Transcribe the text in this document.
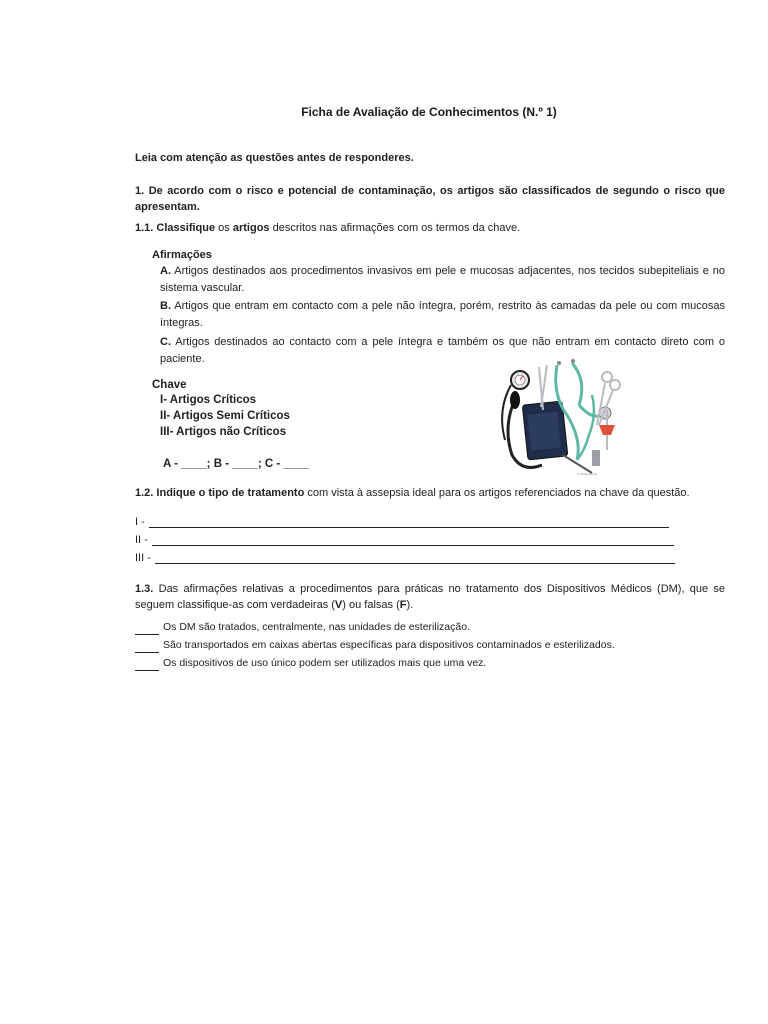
Ficha de Avaliação de Conhecimentos (N.º 1)
Leia com atenção as questões antes de responderes.
1. De acordo com o risco e potencial de contaminação, os artigos são classificados de segundo o risco que apresentam.
1.1. Classifique os artigos descritos nas afirmações com os termos da chave.
Afirmações
A. Artigos destinados aos procedimentos invasivos em pele e mucosas adjacentes, nos tecidos subepiteliais e no sistema vascular.
B. Artigos que entram em contacto com a pele não íntegra, porém, restrito às camadas da pele ou com mucosas íntegras.
C. Artigos destinados ao contacto com a pele íntegra e também os que não entram em contacto direto com o paciente.
Chave
I- Artigos Críticos
II- Artigos Semi Críticos
III- Artigos não Críticos
A - ____; B - ____; C - ____
© Shutterstock
1.2. Indique o tipo de tratamento com vista à assepsia ideal para os artigos referenciados na chave da questão.
I -
II -
III -
1.3. Das afirmações relativas a procedimentos para práticas no tratamento dos Dispositivos Médicos (DM), que se seguem classifique-as com verdadeiras (V) ou falsas (F).
Os DM são tratados, centralmente, nas unidades de esterilização.
São transportados em caixas abertas específicas para dispositivos contaminados e esterilizados.
Os dispositivos de uso único podem ser utilizados mais que uma vez.
